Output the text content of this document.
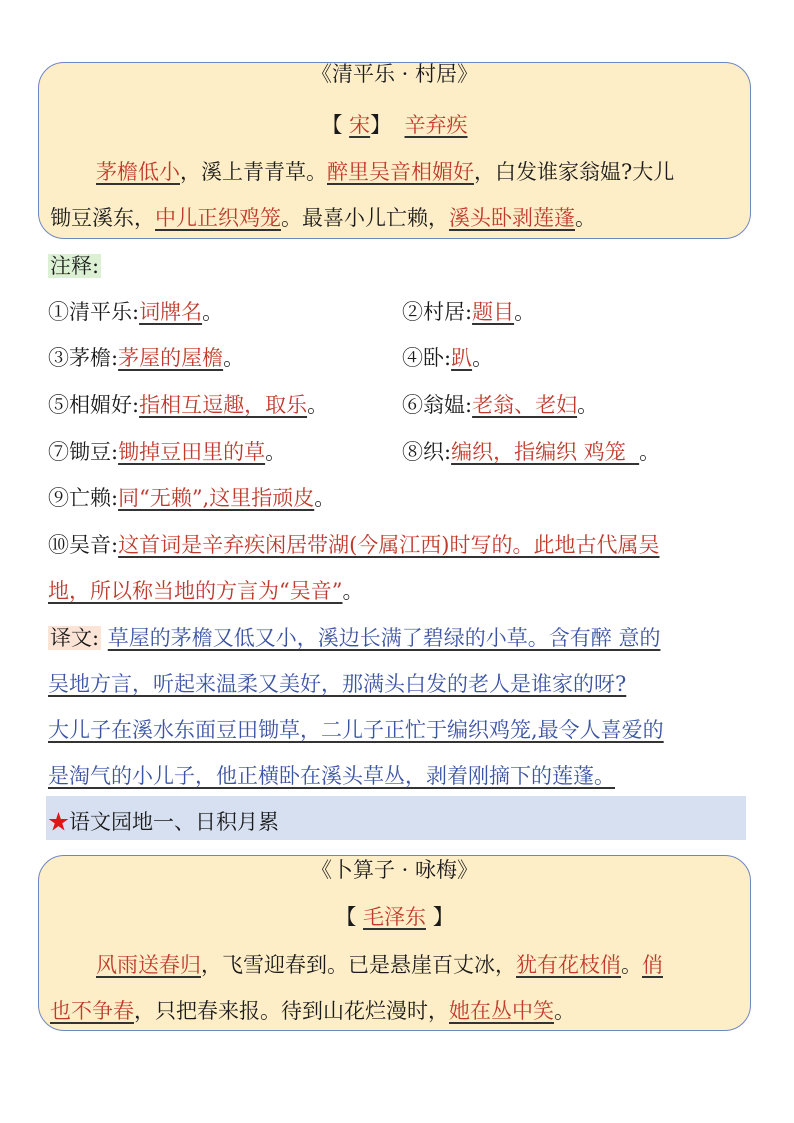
《清平乐 · 村居》
【 宋】 辛弃疾
茅檐低小，溪上青青草。醉里吴音相媚好，白发谁家翁媪?大儿
锄豆溪东，中儿正织鸡笼。最喜小儿亡赖，溪头卧剥莲蓬。
注释:
①清平乐:词牌名。	②村居:题目。
③茅檐:茅屋的屋檐。	④卧:趴。
⑤相媚好:指相互逗趣，取乐。	⑥翁媪:老翁、老妇。
⑦锄豆:锄掉豆田里的草。	⑧织:编织，指编织 鸡笼  。
⑨亡赖:同“无赖”,这里指顽皮。
⑩吴音:这首词是辛弃疾闲居带湖(今属江西)时写的。此地古代属吴
地，所以称当地的方言为“吴音”。
译文: 草屋的茅檐又低又小，溪边长满了碧绿的小草。含有醉 意的
吴地方言，听起来温柔又美好，那满头白发的老人是谁家的呀?
大儿子在溪水东面豆田锄草，二儿子正忙于编织鸡笼,最令人喜爱的
是淘气的小儿子，他正横卧在溪头草丛，剥着刚摘下的莲蓬。
★语文园地一、日积月累
《卜算子 · 咏梅》
【 毛泽东 】
风雨送春归，飞雪迎春到。已是悬崖百丈冰，犹有花枝俏。俏
也不争春，只把春来报。待到山花烂漫时，她在丛中笑。
